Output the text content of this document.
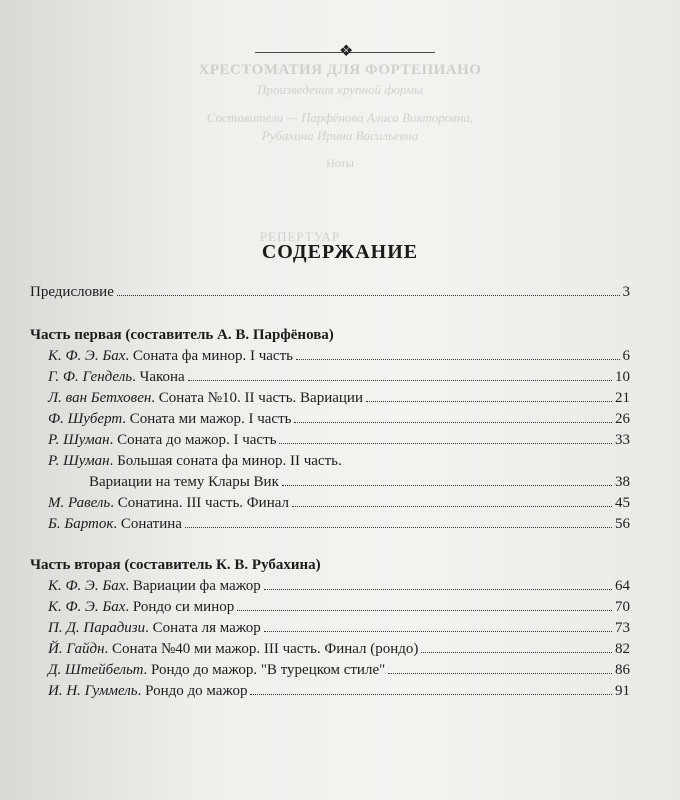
ХРЕСТОМАТИЯ ДЛЯ ФОРТЕПИАНО
Произведения крупной формы
Составители — Парфёнова Алиса Викторовна,
Рубахина Ирина Васильевна
Ноты
РЕПЕРТУАР
❖
СОДЕРЖАНИЕ
Предисловие	3
Часть первая (составитель А. В. Парфёнова)
К. Ф. Э. Бах. Соната фа минор. I часть	6
Г. Ф. Гендель. Чакона	10
Л. ван Бетховен. Соната №10. II часть. Вариации	21
Ф. Шуберт. Соната ми мажор. I часть	26
Р. Шуман. Соната до мажор. I часть	33
Р. Шуман. Большая соната фа минор. II часть.
Вариации на тему Клары Вик	38
М. Равель. Сонатина. III часть. Финал	45
Б. Барток. Сонатина	56
Часть вторая (составитель К. В. Рубахина)
К. Ф. Э. Бах. Вариации фа мажор	64
К. Ф. Э. Бах. Рондо си минор	70
П. Д. Парадизи. Соната ля мажор	73
Й. Гайдн. Соната №40 ми мажор. III часть. Финал (рондо)	82
Д. Штейбельт. Рондо до мажор. "В турецком стиле"	86
И. Н. Гуммель. Рондо до мажор	91
